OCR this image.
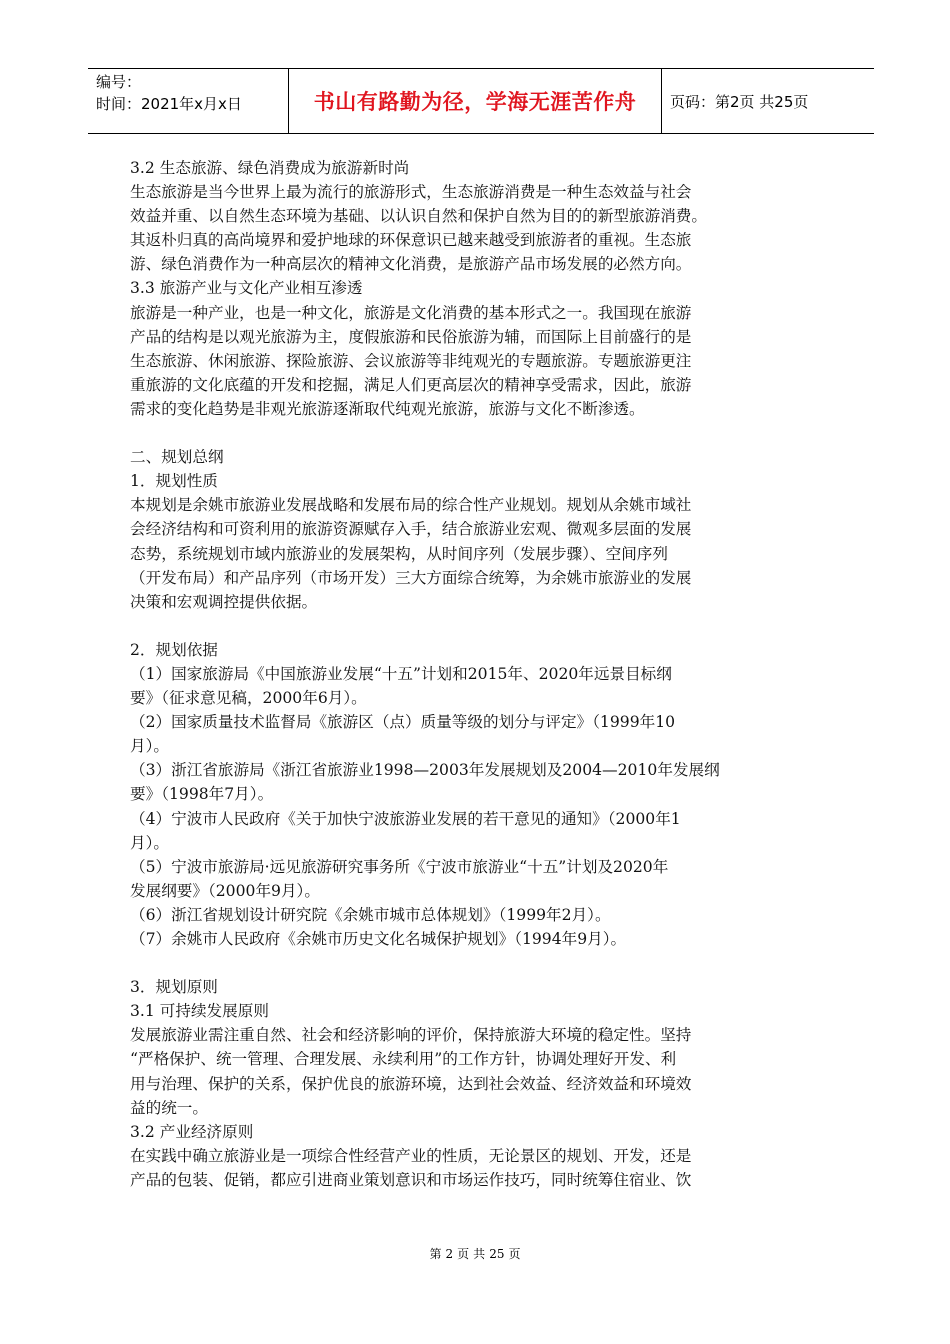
编号：
时间：2021年x月x日	书山有路勤为径，学海无涯苦作舟	页码：第2页 共25页

3.2 生态旅游、绿色消费成为旅游新时尚

生态旅游是当今世界上最为流行的旅游形式，生态旅游消费是一种生态效益与社会

效益并重、以自然生态环境为基础、以认识自然和保护自然为目的的新型旅游消费。

其返朴归真的高尚境界和爱护地球的环保意识已越来越受到旅游者的重视。生态旅

游、绿色消费作为一种高层次的精神文化消费，是旅游产品市场发展的必然方向。

3.3 旅游产业与文化产业相互渗透

旅游是一种产业，也是一种文化，旅游是文化消费的基本形式之一。我国现在旅游

产品的结构是以观光旅游为主，度假旅游和民俗旅游为辅，而国际上目前盛行的是

生态旅游、休闲旅游、探险旅游、会议旅游等非纯观光的专题旅游。专题旅游更注

重旅游的文化底蕴的开发和挖掘，满足人们更高层次的精神享受需求，因此，旅游

需求的变化趋势是非观光旅游逐渐取代纯观光旅游，旅游与文化不断渗透。

二、规划总纲

1．规划性质

本规划是余姚市旅游业发展战略和发展布局的综合性产业规划。规划从余姚市域社

会经济结构和可资利用的旅游资源赋存入手，结合旅游业宏观、微观多层面的发展

态势，系统规划市域内旅游业的发展架构，从时间序列（发展步骤）、空间序列

（开发布局）和产品序列（市场开发）三大方面综合统筹，为余姚市旅游业的发展

决策和宏观调控提供依据。

2．规划依据

（1）国家旅游局《中国旅游业发展“十五”计划和2015年、2020年远景目标纲

要》（征求意见稿，2000年6月）。

（2）国家质量技术监督局《旅游区（点）质量等级的划分与评定》（1999年10

月）。

（3）浙江省旅游局《浙江省旅游业1998—2003年发展规划及2004—2010年发展纲

要》（1998年7月）。

（4）宁波市人民政府《关于加快宁波旅游业发展的若干意见的通知》（2000年1

月）。

（5）宁波市旅游局·远见旅游研究事务所《宁波市旅游业“十五”计划及2020年

发展纲要》（2000年9月）。

（6）浙江省规划设计研究院《余姚市城市总体规划》（1999年2月）。

（7）余姚市人民政府《余姚市历史文化名城保护规划》（1994年9月）。

3．规划原则

3.1 可持续发展原则

发展旅游业需注重自然、社会和经济影响的评价，保持旅游大环境的稳定性。坚持

“严格保护、统一管理、合理发展、永续利用”的工作方针，协调处理好开发、利

用与治理、保护的关系，保护优良的旅游环境，达到社会效益、经济效益和环境效

益的统一。

3.2 产业经济原则

在实践中确立旅游业是一项综合性经营产业的性质，无论景区的规划、开发，还是

产品的包装、促销，都应引进商业策划意识和市场运作技巧，同时统筹住宿业、饮

第 2 页 共 25 页
